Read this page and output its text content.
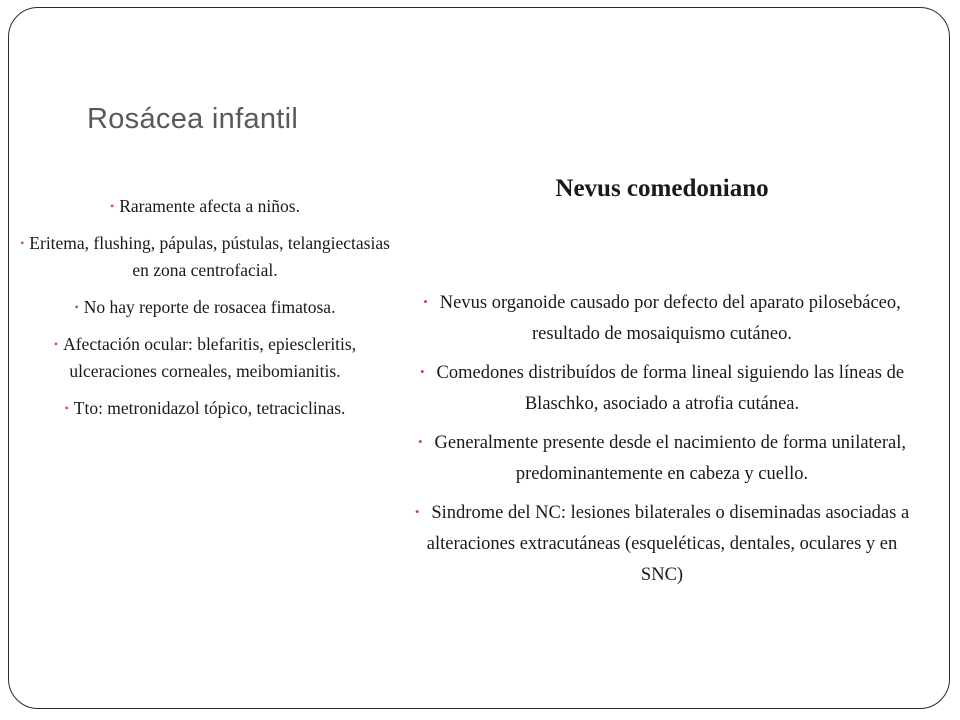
Rosácea infantil
• Raramente afecta a niños.
• Eritema, flushing, pápulas, pústulas, telangiectasias en zona centrofacial.
• No hay reporte de rosacea fimatosa.
• Afectación ocular: blefaritis, epiescleritis, ulceraciones corneales, meibomianitis.
• Tto: metronidazol tópico, tetraciclinas.
Nevus comedoniano
• Nevus organoide causado por defecto del aparato pilosebáceo, resultado de mosaiquismo cutáneo.
• Comedones distribuídos de forma lineal siguiendo las líneas de Blaschko, asociado a atrofia cutánea.
• Generalmente presente desde el nacimiento de forma unilateral, predominantemente en cabeza y cuello.
• Sindrome del NC: lesiones bilaterales o diseminadas asociadas a alteraciones extracutáneas (esqueléticas, dentales, oculares y en SNC)
